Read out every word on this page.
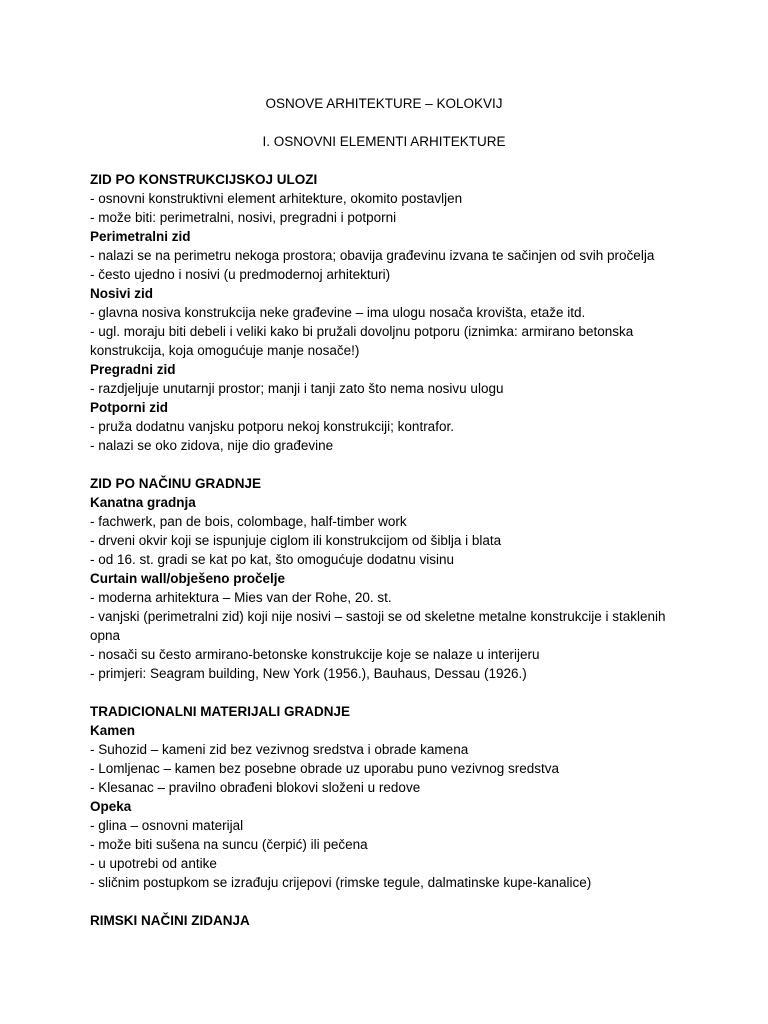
OSNOVE ARHITEKTURE – KOLOKVIJ
I. OSNOVNI ELEMENTI ARHITEKTURE
ZID PO KONSTRUKCIJSKOJ ULOZI
- osnovni konstruktivni element arhitekture, okomito postavljen
- može biti: perimetralni, nosivi, pregradni i potporni
Perimetralni zid
- nalazi se na perimetru nekoga prostora; obavija građevinu izvana te sačinjen od svih pročelja
- često ujedno i nosivi (u predmodernoj arhitekturi)
Nosivi zid
- glavna nosiva konstrukcija neke građevine – ima ulogu nosača krovišta, etaže itd.
- ugl. moraju biti debeli i veliki kako bi pružali dovoljnu potporu (iznimka: armirano betonska konstrukcija, koja omogućuje manje nosače!)
Pregradni zid
- razdjeljuje unutarnji prostor; manji i tanji zato što nema nosivu ulogu
Potporni zid
- pruža dodatnu vanjsku potporu nekoj konstrukciji; kontrafor.
- nalazi se oko zidova, nije dio građevine
ZID PO NAČINU GRADNJE
Kanatna gradnja
- fachwerk, pan de bois, colombage, half-timber work
- drveni okvir koji se ispunjuje ciglom ili konstrukcijom od šiblja i blata
- od 16. st. gradi se kat po kat, što omogućuje dodatnu visinu
Curtain wall/obješeno pročelje
- moderna arhitektura – Mies van der Rohe, 20. st.
- vanjski (perimetralni zid) koji nije nosivi – sastoji se od skeletne metalne konstrukcije i staklenih opna
- nosači su često armirano-betonske konstrukcije koje se nalaze u interijeru
- primjeri: Seagram building, New York (1956.), Bauhaus, Dessau (1926.)
TRADICIONALNI MATERIJALI GRADNJE
Kamen
- Suhozid – kameni zid bez vezivnog sredstva i obrade kamena
- Lomljenac – kamen bez posebne obrade uz uporabu puno vezivnog sredstva
- Klesanac – pravilno obrađeni blokovi složeni u redove
Opeka
- glina – osnovni materijal
- može biti sušena na suncu (čerpić) ili pečena
- u upotrebi od antike
- sličnim postupkom se izrađuju crijepovi (rimske tegule, dalmatinske kupe-kanalice)
RIMSKI NAČINI ZIDANJA
